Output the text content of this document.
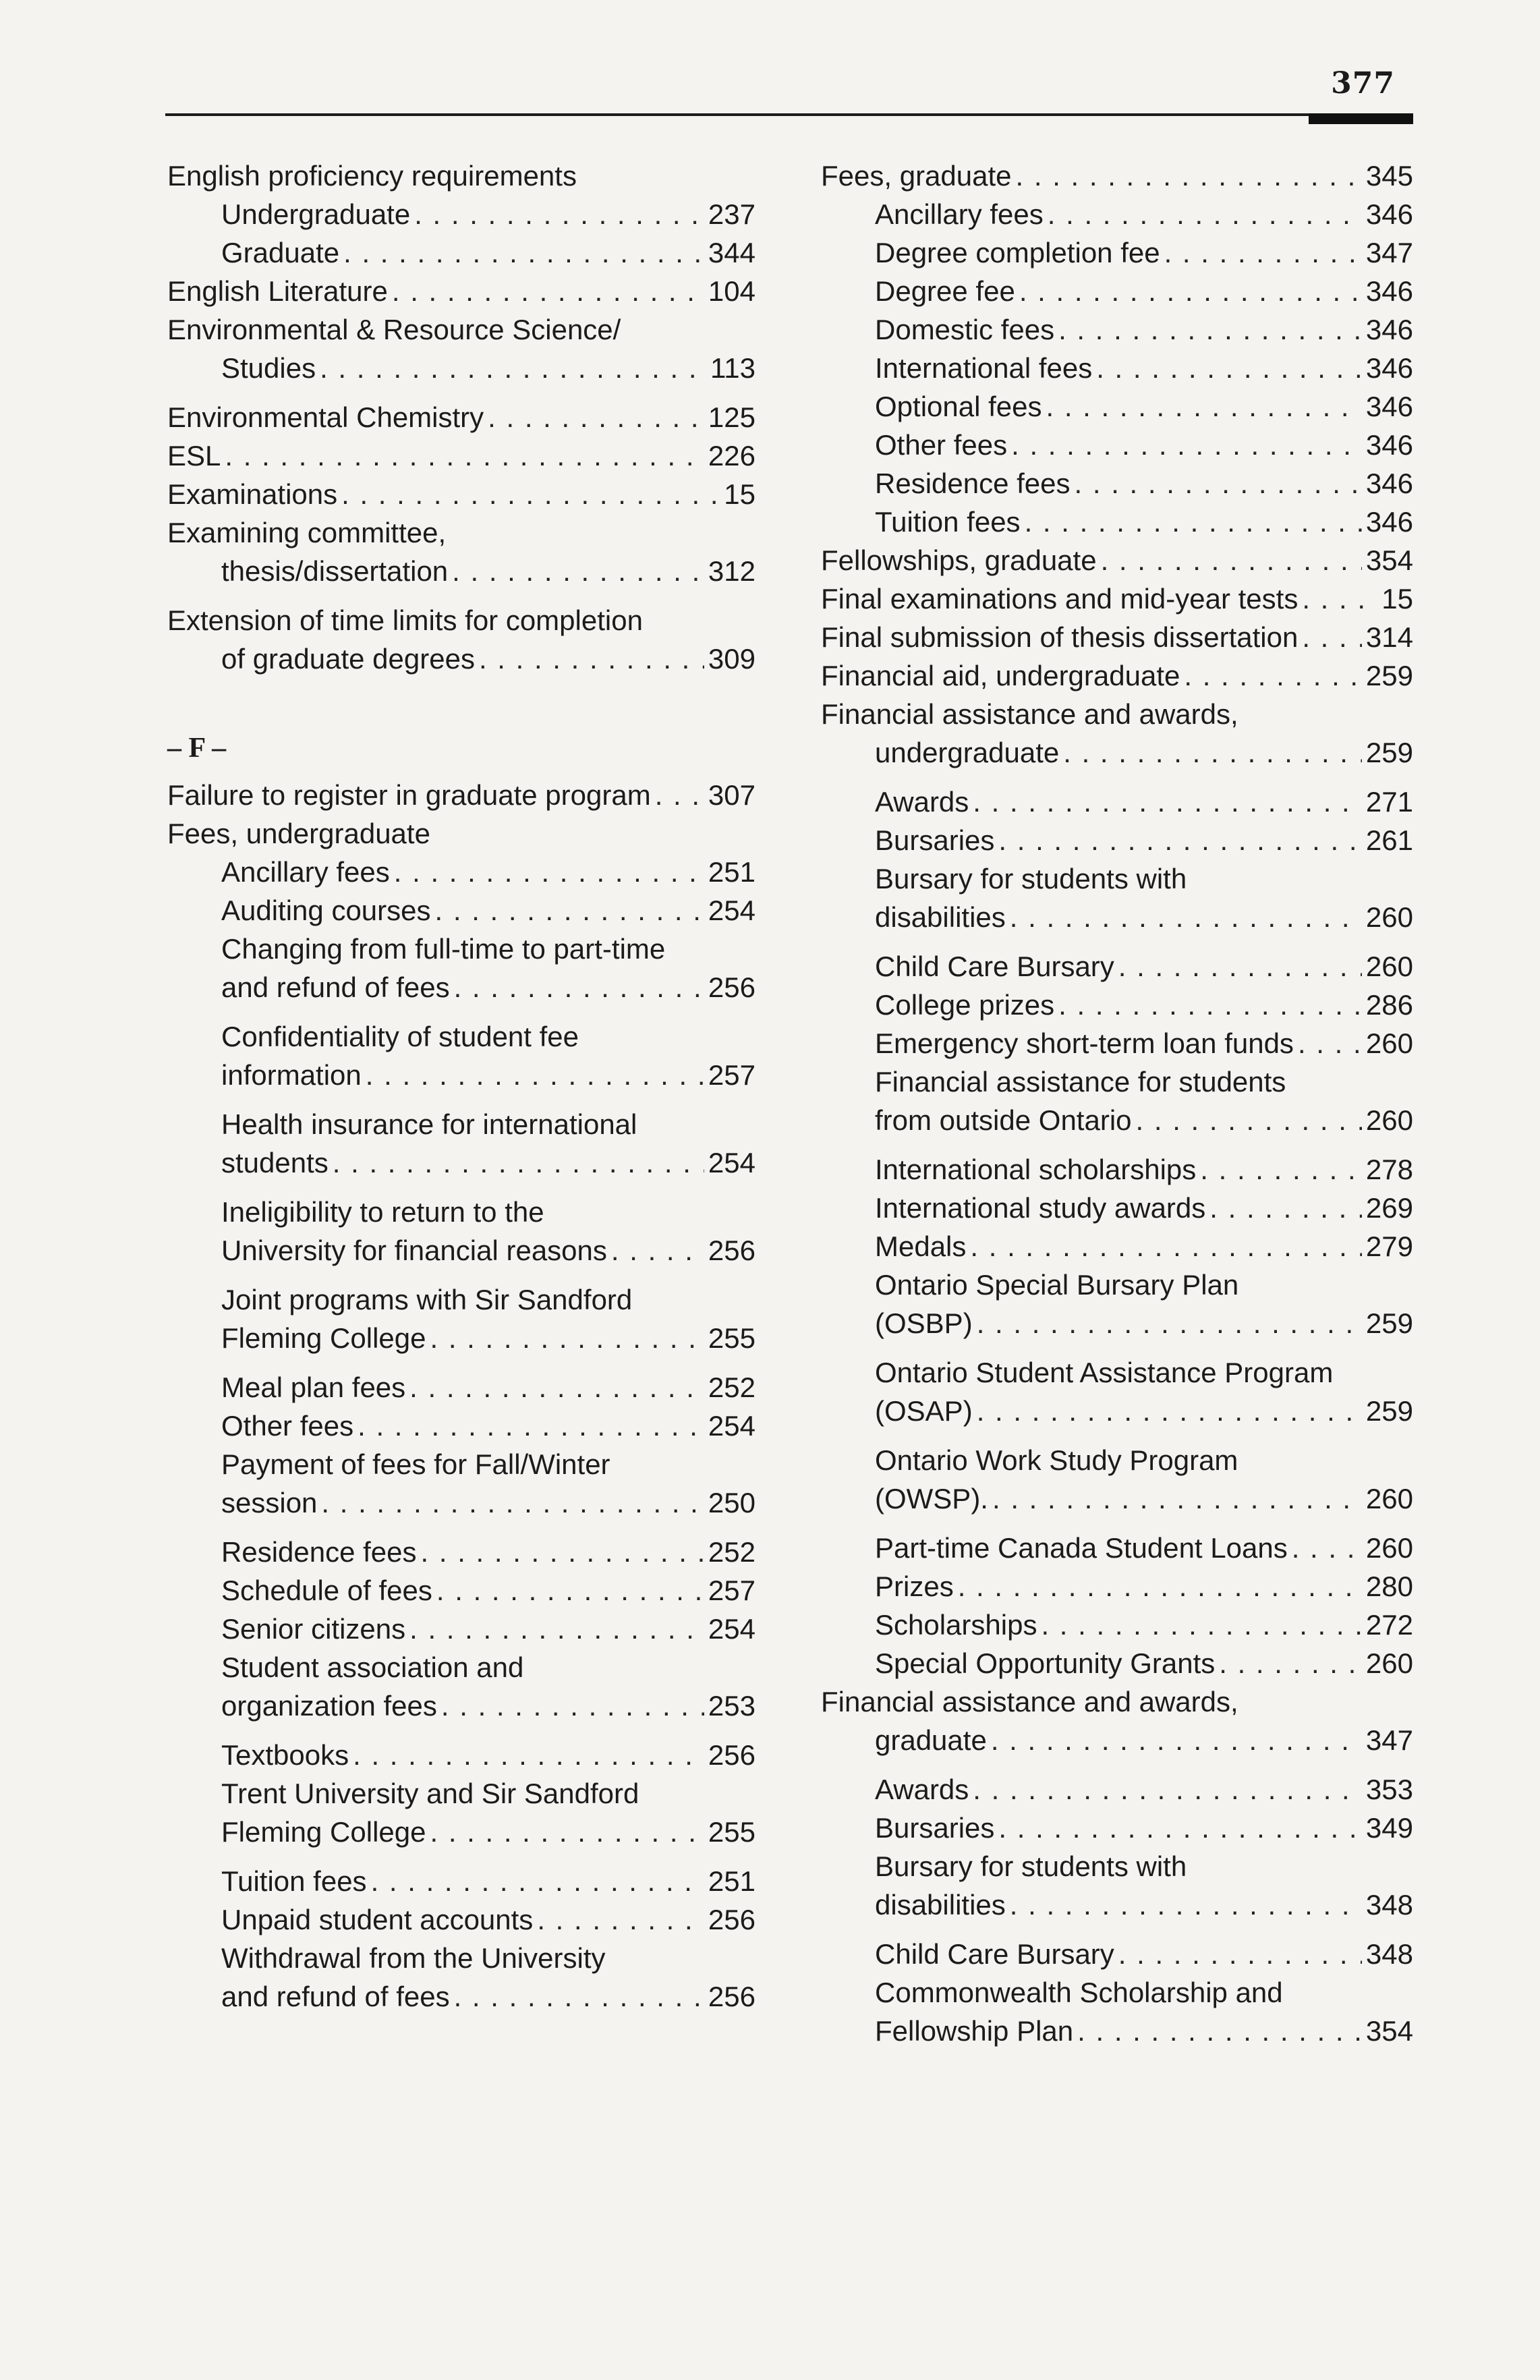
377
English proficiency requirements
Undergraduate . . .	237
Graduate . . .	344
English Literature . . .	104
Environmental & Resource Science/
Studies . . .	113
Environmental Chemistry . . .	125
ESL . . .	226
Examinations . . .	15
Examining committee,
thesis/dissertation . . .	312
Extension of time limits for completion
of graduate degrees . . .	309
– F –
Failure to register in graduate program . . . 307
Fees, undergraduate
Ancillary fees . . .	251
Auditing courses . . .	254
Changing from full-time to part-time
and refund of fees . . .	256
Confidentiality of student fee
information . . .	257
Health insurance for international
students . . .	254
Ineligibility to return to the
University for financial reasons . . .	256
Joint programs with Sir Sandford
Fleming College . . .	255
Meal plan fees . . .	252
Other fees . . .	254
Payment of fees for Fall/Winter
session . . .	250
Residence fees . . .	252
Schedule of fees . . .	257
Senior citizens . . .	254
Student association and
organization fees . . .	253
Textbooks . . .	256
Trent University and Sir Sandford
Fleming College . . .	255
Tuition fees . . .	251
Unpaid student accounts . . .	256
Withdrawal from the University
and refund of fees . . .	256
Fees, graduate . . .	345
Ancillary fees . . .	346
Degree completion fee . . .	347
Degree fee . . .	346
Domestic fees . . .	346
International fees . . .	346
Optional fees . . .	346
Other fees . . .	346
Residence fees . . .	346
Tuition fees . . .	346
Fellowships, graduate . . .	354
Final examinations and mid-year tests . . .	15
Final submission of thesis dissertation . . . 314
Financial aid, undergraduate . . .	259
Financial assistance and awards,
undergraduate . . .	259
Awards . . .	271
Bursaries . . .	261
Bursary for students with
disabilities . . .	260
Child Care Bursary . . .	260
College prizes . . .	286
Emergency short-term loan funds . . .	260
Financial assistance for students
from outside Ontario . . .	260
International scholarships . . .	278
International study awards . . .	269
Medals . . .	279
Ontario Special Bursary Plan
(OSBP) . . .	259
Ontario Student Assistance Program
(OSAP) . . .	259
Ontario Work Study Program
(OWSP). . . .	260
Part-time Canada Student Loans . . .	260
Prizes . . .	280
Scholarships . . .	272
Special Opportunity Grants . . .	260
Financial assistance and awards,
graduate . . .	347
Awards . . .	353
Bursaries . . .	349
Bursary for students with
disabilities . . .	348
Child Care Bursary . . .	348
Commonwealth Scholarship and
Fellowship Plan . . .	354
